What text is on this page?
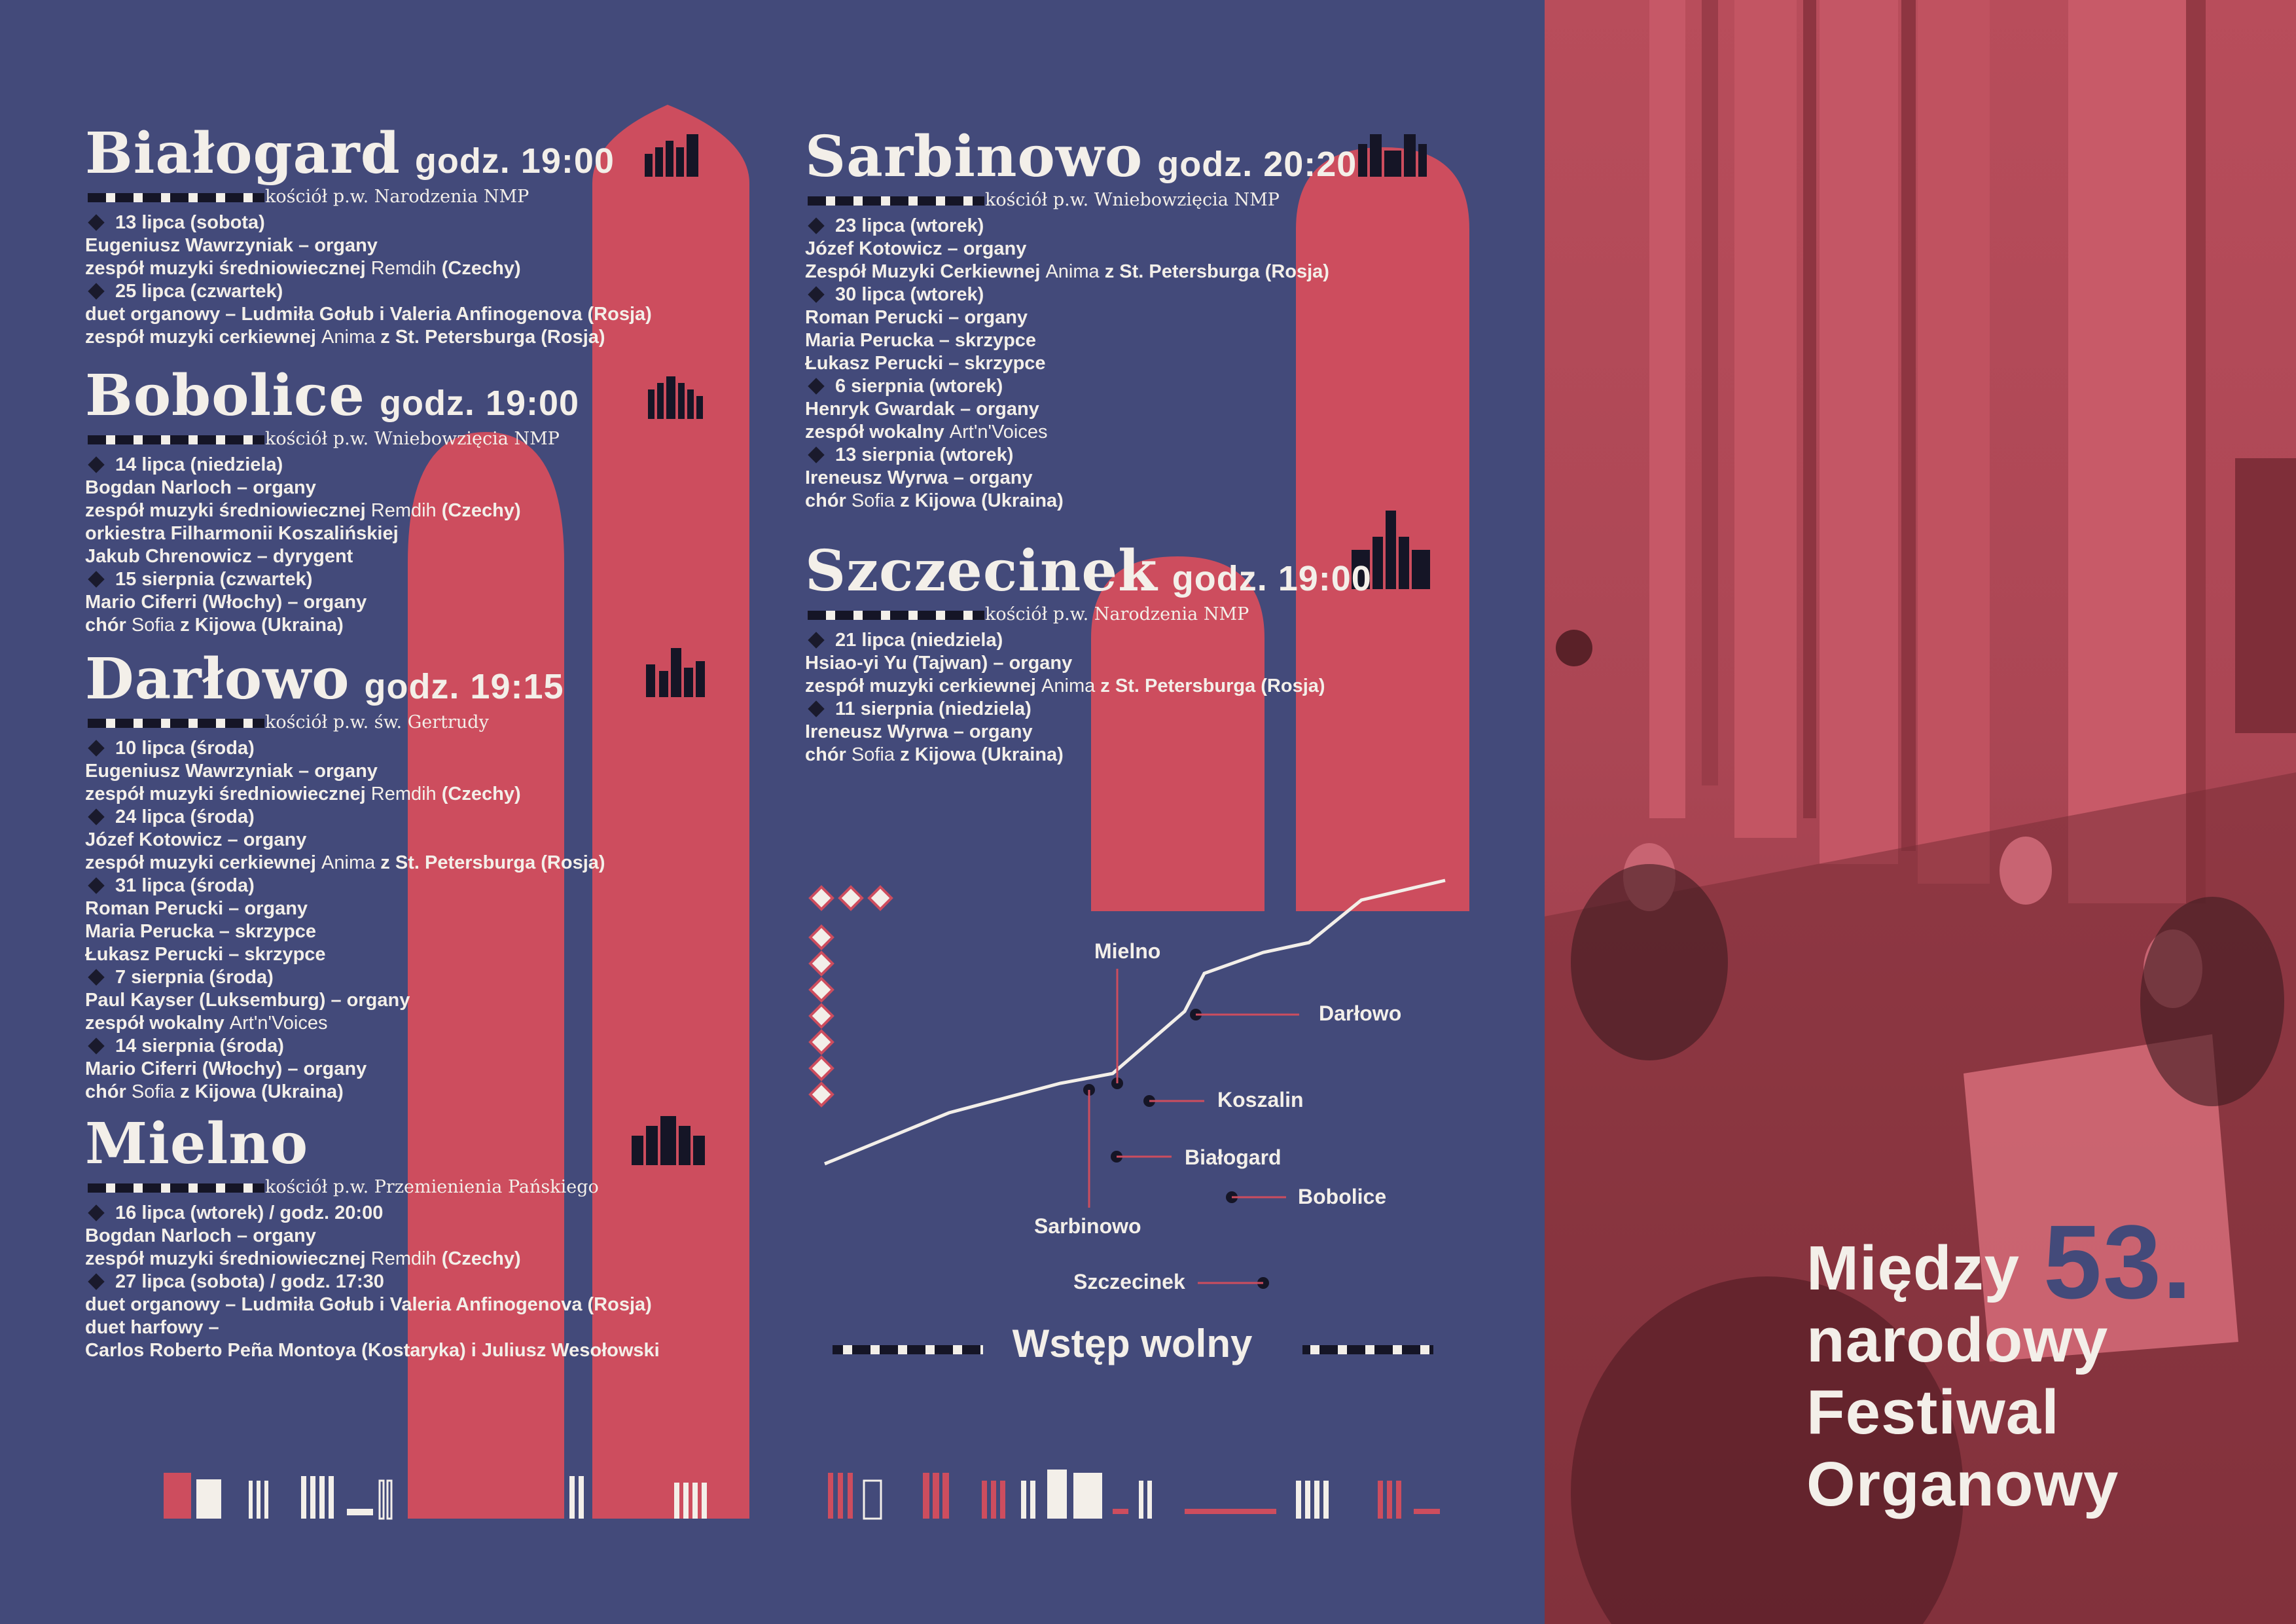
Białogard godz. 19:00
kościół p.w. Narodzenia NMP
13 lipca (sobota)
Eugeniusz Wawrzyniak – organy
zespół muzyki średniowiecznej Remdih (Czechy)
25 lipca (czwartek)
duet organowy – Ludmiła Gołub i Valeria Anfinogenova (Rosja)
zespół muzyki cerkiewnej Anima z St. Petersburga (Rosja)
Bobolice godz. 19:00
kościół p.w. Wniebowzięcia NMP
14 lipca (niedziela)
Bogdan Narloch – organy
zespół muzyki średniowiecznej Remdih (Czechy)
orkiestra Filharmonii Koszalińskiej
Jakub Chrenowicz – dyrygent
15 sierpnia (czwartek)
Mario Ciferri (Włochy) – organy
chór Sofia z Kijowa (Ukraina)
Darłowo godz. 19:15
kościół p.w. św. Gertrudy
10 lipca (środa)
Eugeniusz Wawrzyniak – organy
zespół muzyki średniowiecznej Remdih (Czechy)
24 lipca (środa)
Józef Kotowicz – organy
zespół muzyki cerkiewnej Anima z St. Petersburga (Rosja)
31 lipca (środa)
Roman Perucki – organy
Maria Perucka – skrzypce
Łukasz Perucki – skrzypce
7 sierpnia (środa)
Paul Kayser (Luksemburg) – organy
zespół wokalny Art'n'Voices
14 sierpnia (środa)
Mario Ciferri (Włochy) – organy
chór Sofia z Kijowa (Ukraina)
Mielno
kościół p.w. Przemienienia Pańskiego
16 lipca (wtorek) / godz. 20:00
Bogdan Narloch – organy
zespół muzyki średniowiecznej Remdih (Czechy)
27 lipca (sobota) / godz. 17:30
duet organowy – Ludmiła Gołub i Valeria Anfinogenova (Rosja)
duet harfowy –
Carlos Roberto Peña Montoya (Kostaryka) i Juliusz Wesołowski
Sarbinowo godz. 20:20
kościół p.w. Wniebowzięcia NMP
23 lipca (wtorek)
Józef Kotowicz – organy
Zespół Muzyki Cerkiewnej Anima z St. Petersburga (Rosja)
30 lipca (wtorek)
Roman Perucki – organy
Maria Perucka – skrzypce
Łukasz Perucki – skrzypce
6 sierpnia (wtorek)
Henryk Gwardak – organy
zespół wokalny Art'n'Voices
13 sierpnia (wtorek)
Ireneusz Wyrwa – organy
chór Sofia z Kijowa (Ukraina)
Szczecinek godz. 19:00
kościół p.w. Narodzenia NMP
21 lipca (niedziela)
Hsiao-yi Yu (Tajwan) – organy
zespół muzyki cerkiewnej Anima z St. Petersburga (Rosja)
11 sierpnia (niedziela)
Ireneusz Wyrwa – organy
chór Sofia z Kijowa (Ukraina)
Mielno
Darłowo
Koszalin
Białogard
Bobolice
Sarbinowo
Szczecinek
Wstęp wolny
53.
Między
narodowy
Festiwal
Organowy
